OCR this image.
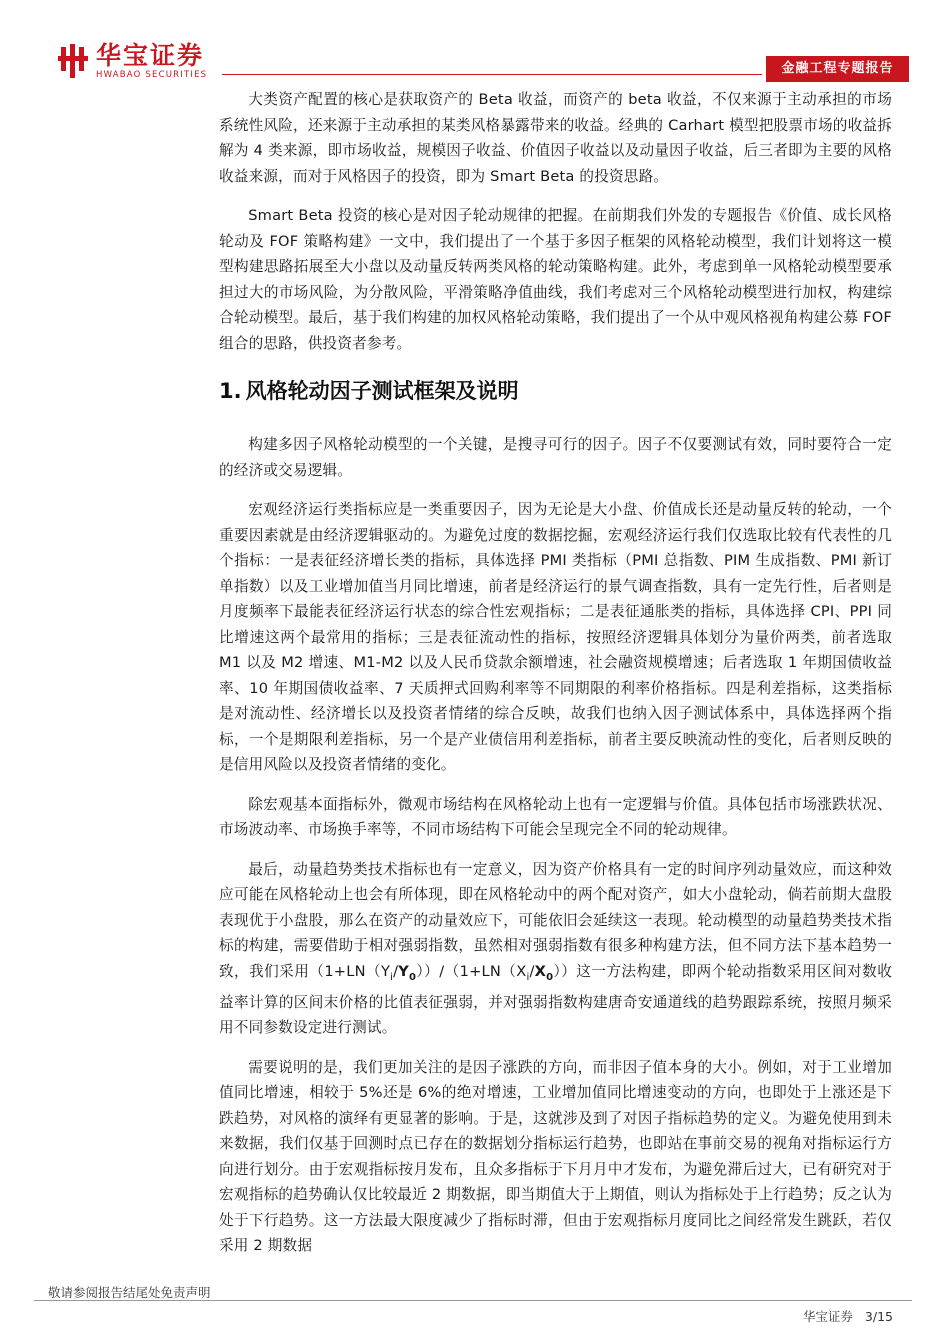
华宝证券
HWABAO SECURITIES	金融工程专题报告

大类资产配置的核心是获取资产的 Beta 收益，而资产的 beta 收益，不仅来源于主动承担的市场系统性风险，还来源于主动承担的某类风格暴露带来的收益。经典的 Carhart 模型把股票市场的收益拆解为 4 类来源，即市场收益，规模因子收益、价值因子收益以及动量因子收益，后三者即为主要的风格收益来源，而对于风格因子的投资，即为 Smart Beta 的投资思路。

Smart Beta 投资的核心是对因子轮动规律的把握。在前期我们外发的专题报告《价值、成长风格轮动及 FOF 策略构建》一文中，我们提出了一个基于多因子框架的风格轮动模型，我们计划将这一模型构建思路拓展至大小盘以及动量反转两类风格的轮动策略构建。此外，考虑到单一风格轮动模型要承担过大的市场风险，为分散风险，平滑策略净值曲线，我们考虑对三个风格轮动模型进行加权，构建综合轮动模型。最后，基于我们构建的加权风格轮动策略，我们提出了一个从中观风格视角构建公募 FOF 组合的思路，供投资者参考。

1. 风格轮动因子测试框架及说明

构建多因子风格轮动模型的一个关键，是搜寻可行的因子。因子不仅要测试有效，同时要符合一定的经济或交易逻辑。

宏观经济运行类指标应是一类重要因子，因为无论是大小盘、价值成长还是动量反转的轮动，一个重要因素就是由经济逻辑驱动的。为避免过度的数据挖掘，宏观经济运行我们仅选取比较有代表性的几个指标：一是表征经济增长类的指标，具体选择 PMI 类指标（PMI 总指数、PIM 生成指数、PMI 新订单指数）以及工业增加值当月同比增速，前者是经济运行的景气调查指数，具有一定先行性，后者则是月度频率下最能表征经济运行状态的综合性宏观指标；二是表征通胀类的指标，具体选择 CPI、PPI 同比增速这两个最常用的指标；三是表征流动性的指标，按照经济逻辑具体划分为量价两类，前者选取 M1 以及 M2 增速、M1-M2 以及人民币贷款余额增速，社会融资规模增速；后者选取 1 年期国债收益率、10 年期国债收益率、7 天质押式回购利率等不同期限的利率价格指标。四是利差指标，这类指标是对流动性、经济增长以及投资者情绪的综合反映，故我们也纳入因子测试体系中，具体选择两个指标，一个是期限利差指标，另一个是产业债信用利差指标，前者主要反映流动性的变化，后者则反映的是信用风险以及投资者情绪的变化。

除宏观基本面指标外，微观市场结构在风格轮动上也有一定逻辑与价值。具体包括市场涨跌状况、市场波动率、市场换手率等，不同市场结构下可能会呈现完全不同的轮动规律。

最后，动量趋势类技术指标也有一定意义，因为资产价格具有一定的时间序列动量效应，而这种效应可能在风格轮动上也会有所体现，即在风格轮动中的两个配对资产，如大小盘轮动，倘若前期大盘股表现优于小盘股，那么在资产的动量效应下，可能依旧会延续这一表现。轮动模型的动量趋势类技术指标的构建，需要借助于相对强弱指数，虽然相对强弱指数有很多种构建方法，但不同方法下基本趋势一致，我们采用$(1+LN(Y_i/Y_0))/(1+LN(X_i/X_0))$这一方法构建，即两个轮动指数采用区间对数收益率计算的区间末价格的比值表征强弱，并对强弱指数构建唐奇安通道线的趋势跟踪系统，按照月频采用不同参数设定进行测试。

需要说明的是，我们更加关注的是因子涨跌的方向，而非因子值本身的大小。例如，对于工业增加值同比增速，相较于 5%还是 6%的绝对增速，工业增加值同比增速变动的方向，也即处于上涨还是下跌趋势，对风格的演绎有更显著的影响。于是，这就涉及到了对因子指标趋势的定义。为避免使用到未来数据，我们仅基于回测时点已存在的数据划分指标运行趋势，也即站在事前交易的视角对指标运行方向进行划分。由于宏观指标按月发布，且众多指标于下月月中才发布，为避免滞后过大，已有研究对于宏观指标的趋势确认仅比较最近 2 期数据，即当期值大于上期值，则认为指标处于上行趋势；反之认为处于下行趋势。这一方法最大限度减少了指标时滞，但由于宏观指标月度同比之间经常发生跳跃，若仅采用 2 期数据

敬请参阅报告结尾处免责声明
华宝证券 3/15
